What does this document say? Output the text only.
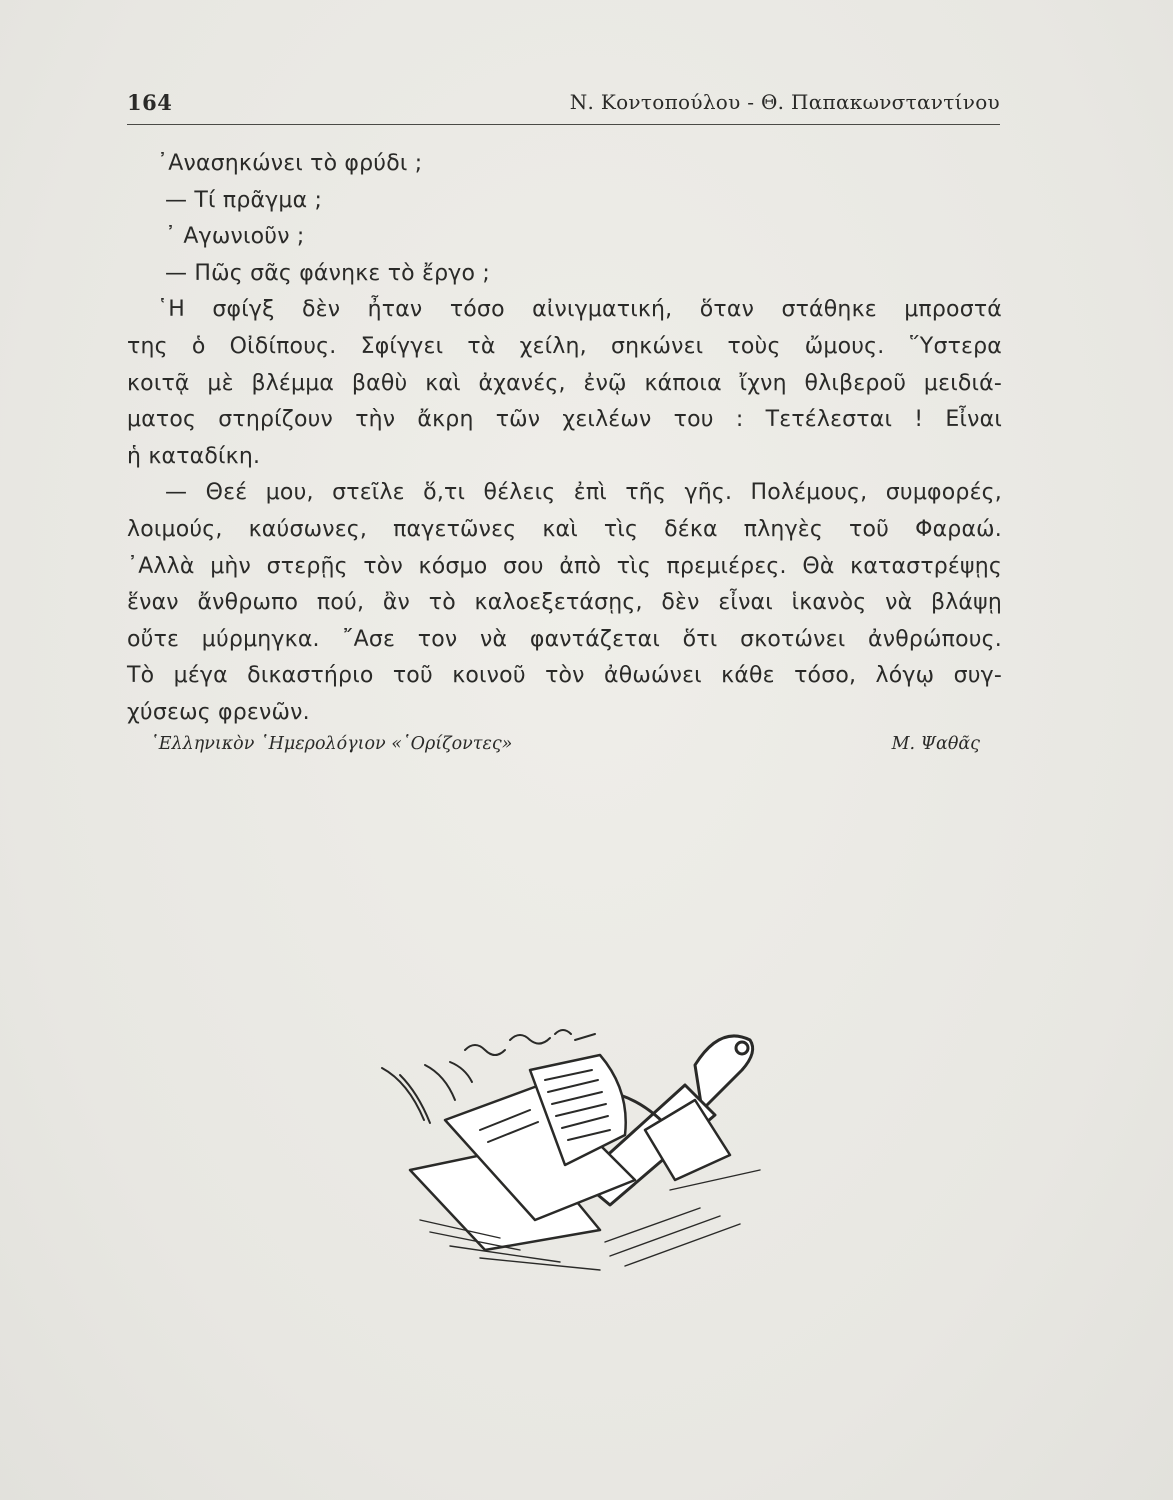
164	Ν. Κοντοπούλου - Θ. Παπακωνσταντίνου
᾿Ανασηκώνει τὸ φρύδι ;
— Τί πρᾶγμα ;
᾿ Αγωνιοῦν ;
— Πῶς σᾶς φάνηκε τὸ ἔργο ;
῾Η σφίγξ δὲν ἦταν τόσο αἰνιγματική, ὅταν στάθηκε μπροστά
της ὁ Οἰδίπους. Σφίγγει τὰ χείλη, σηκώνει τοὺς ὤμους. ῞Υστερα
κοιτᾷ μὲ βλέμμα βαθὺ καὶ ἀχανές, ἐνῷ κάποια ἴχνη θλιβεροῦ μειδιά-
ματος στηρίζουν τὴν ἄκρη τῶν χειλέων του : Τετέλεσται ! Εἶναι
ἡ καταδίκη.
— Θεέ μου, στεῖλε ὅ,τι θέλεις ἐπὶ τῆς γῆς. Πολέμους, συμφορές,
λοιμούς, καύσωνες, παγετῶνες καὶ τὶς δέκα πληγὲς τοῦ Φαραώ.
᾿Αλλὰ μὴν στερῇς τὸν κόσμο σου ἀπὸ τὶς πρεμιέρες. Θὰ καταστρέψῃς
ἕναν ἄνθρωπο πού, ἂν τὸ καλοεξετάσῃς, δὲν εἶναι ἱκανὸς νὰ βλάψῃ
οὔτε μύρμηγκα. ῎Ασε τον νὰ φαντάζεται ὅτι σκοτώνει ἀνθρώπους.
Τὸ μέγα δικαστήριο τοῦ κοινοῦ τὸν ἀθωώνει κάθε τόσο, λόγῳ συγ-
χύσεως φρενῶν.
῾Ελληνικὸν ῾Ημερολόγιον «῾Ορίζοντες»	Μ. Ψαθᾶς
